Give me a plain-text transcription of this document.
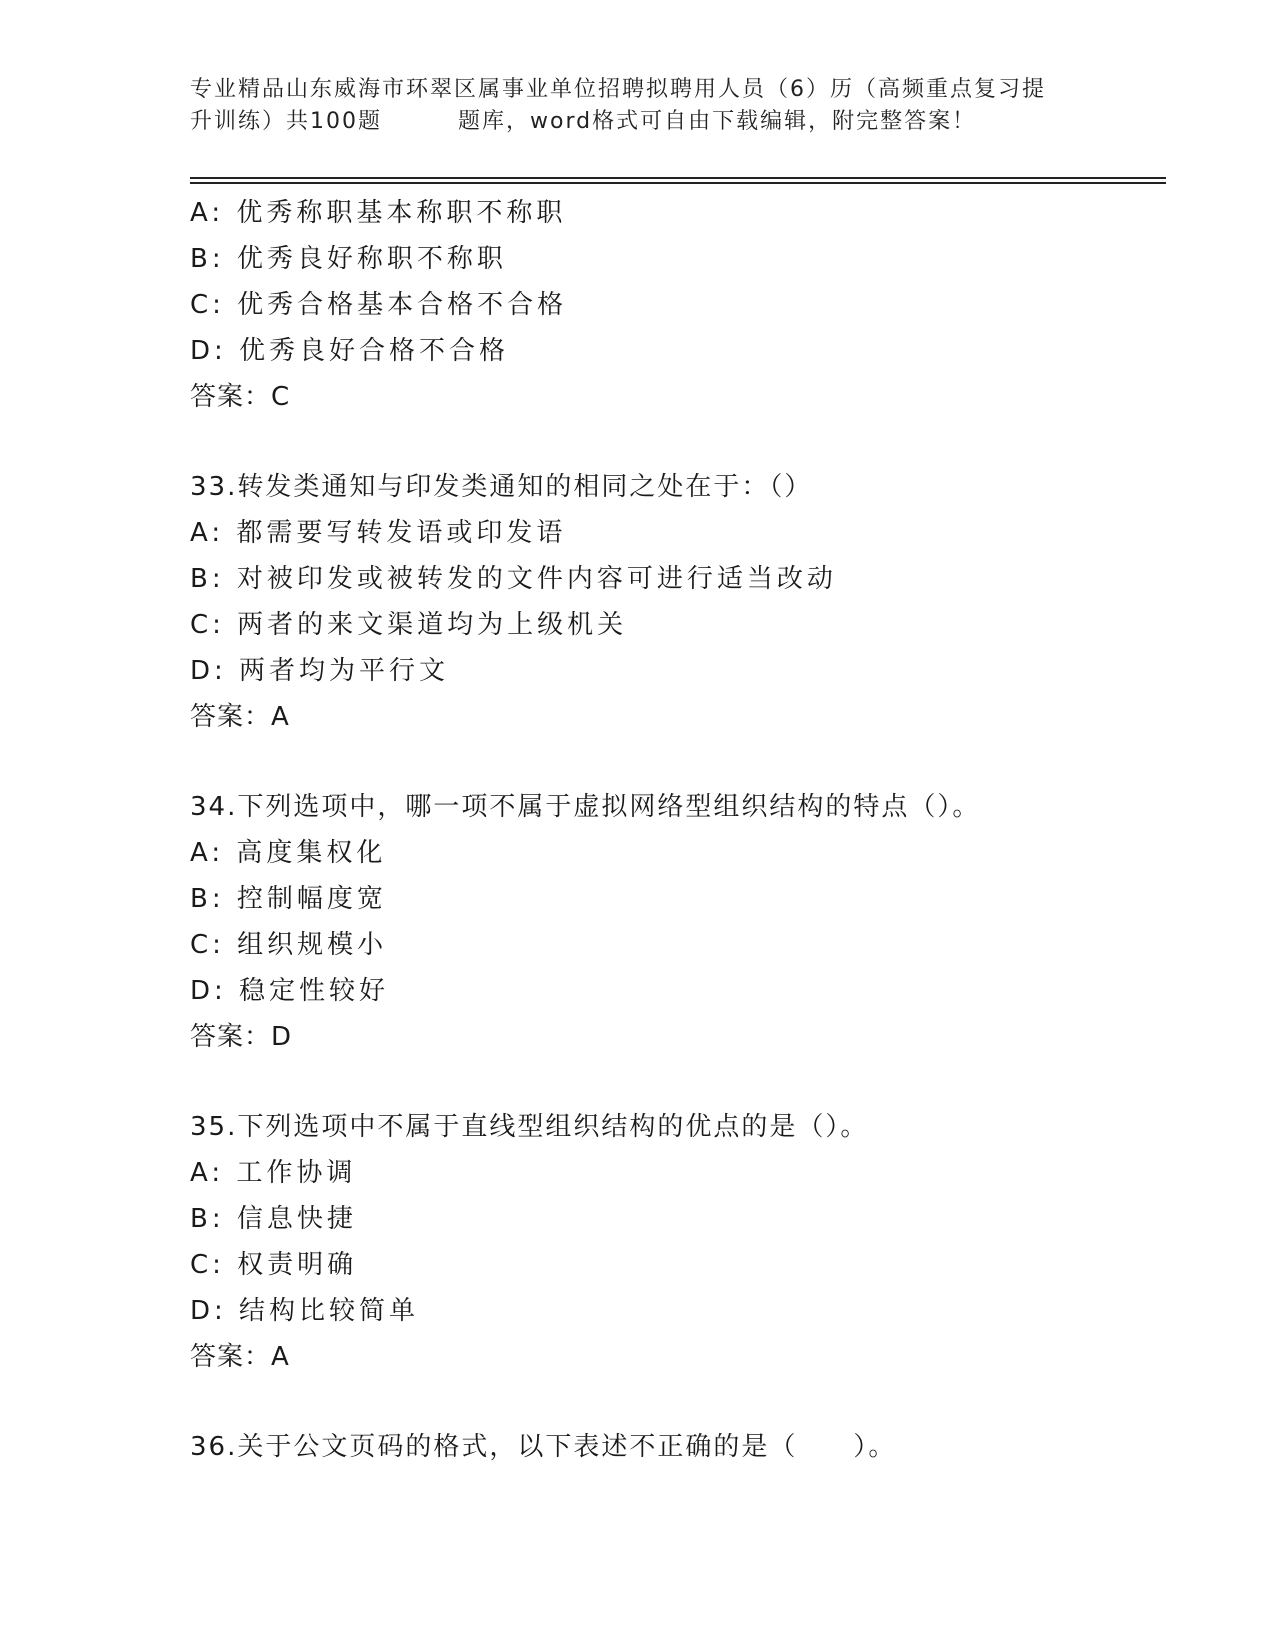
专业精品山东威海市环翠区属事业单位招聘拟聘用人员（6）历（高频重点复习提
升训练）共100题	题库，word格式可自由下载编辑，附完整答案！
A: 优秀称职基本称职不称职
B: 优秀良好称职不称职
C: 优秀合格基本合格不合格
D: 优秀良好合格不合格
答案：C
33.转发类通知与印发类通知的相同之处在于：（）
A: 都需要写转发语或印发语
B: 对被印发或被转发的文件内容可进行适当改动
C: 两者的来文渠道均为上级机关
D: 两者均为平行文
答案：A
34.下列选项中，哪一项不属于虚拟网络型组织结构的特点（）。
A: 高度集权化
B: 控制幅度宽
C: 组织规模小
D: 稳定性较好
答案：D
35.下列选项中不属于直线型组织结构的优点的是（）。
A: 工作协调
B: 信息快捷
C: 权责明确
D: 结构比较简单
答案：A
36.关于公文页码的格式，以下表述不正确的是（　　）。
